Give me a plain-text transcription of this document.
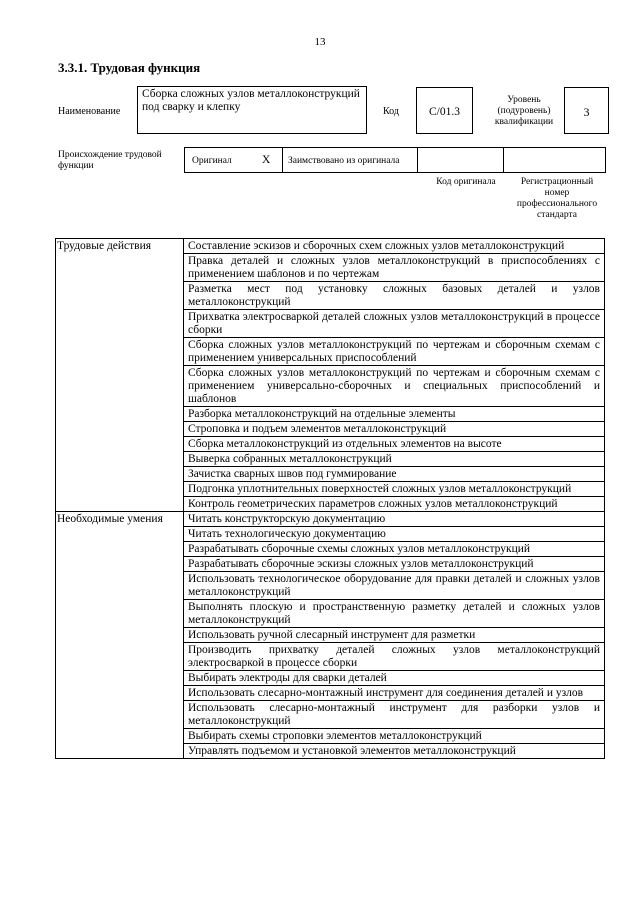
13
3.3.1. Трудовая функция
Наименование
Сборка сложных узлов металлоконструкций под сварку и клепку	Код	C/01.3
Уровень (подуровень) квалификации
3
Происхождение трудовой функции	Оригинал	X Заимствовано из оригинала
Код оригинала	Регистрационный номер профессионального стандарта
Трудовые действия	Составление эскизов и сборочных схем сложных узлов металлоконструкций
	Правка деталей и сложных узлов металлоконструкций в приспособлениях с применением шаблонов и по чертежам
	Разметка мест под установку сложных базовых деталей и узлов металлоконструкций
	Прихватка электросваркой деталей сложных узлов металлоконструкций в процессе сборки
	Сборка сложных узлов металлоконструкций по чертежам и сборочным схемам с применением универсальных приспособлений
	Сборка сложных узлов металлоконструкций по чертежам и сборочным схемам с применением универсально-сборочных и специальных приспособлений и шаблонов
	Разборка металлоконструкций на отдельные элементы
	Строповка и подъем элементов металлоконструкций
	Сборка металлоконструкций из отдельных элементов на высоте
	Выверка собранных металлоконструкций
	Зачистка сварных швов под гуммирование
	Подгонка уплотнительных поверхностей сложных узлов металлоконструкций
	Контроль геометрических параметров сложных узлов металлоконструкций
Необходимые умения	Читать конструкторскую документацию
	Читать технологическую документацию
	Разрабатывать сборочные схемы сложных узлов металлоконструкций
	Разрабатывать сборочные эскизы сложных узлов металлоконструкций
	Использовать технологическое оборудование для правки деталей и сложных узлов металлоконструкций
	Выполнять плоскую и пространственную разметку деталей и сложных узлов металлоконструкций
	Использовать ручной слесарный инструмент для разметки
	Производить прихватку деталей сложных узлов металлоконструкций электросваркой в процессе сборки
	Выбирать электроды для сварки деталей
	Использовать слесарно-монтажный инструмент для соединения деталей и узлов
	Использовать слесарно-монтажный инструмент для разборки узлов и металлоконструкций
	Выбирать схемы строповки элементов металлоконструкций
	Управлять подъемом и установкой элементов металлоконструкций
